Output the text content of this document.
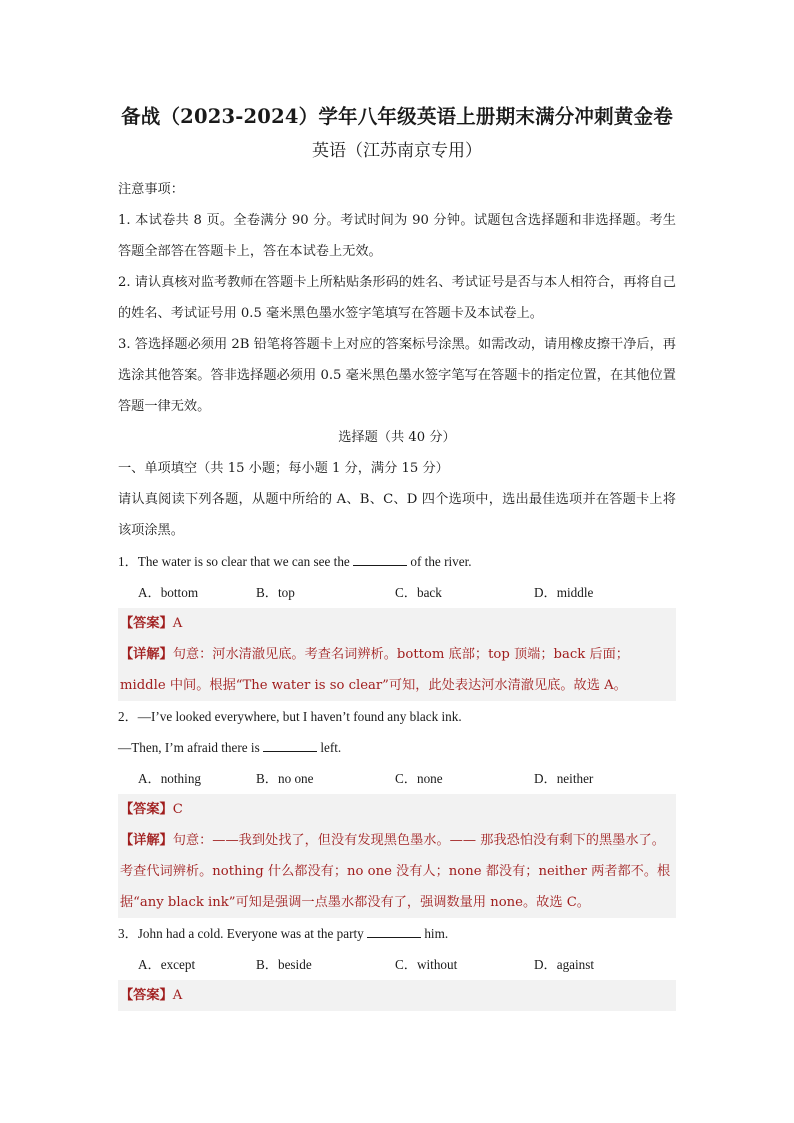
备战（2023-2024）学年八年级英语上册期末满分冲刺黄金卷
英语（江苏南京专用）

注意事项：

1. 本试卷共 8 页。全卷满分 90 分。考试时间为 90 分钟。试题包含选择题和非选择题。考生答题全部答在答题卡上，答在本试卷上无效。

2. 请认真核对监考教师在答题卡上所粘贴条形码的姓名、考试证号是否与本人相符合，再将自己的姓名、考试证号用 0.5 毫米黑色墨水签字笔填写在答题卡及本试卷上。

3. 答选择题必须用 2B 铅笔将答题卡上对应的答案标号涂黑。如需改动，请用橡皮擦干净后，再选涂其他答案。答非选择题必须用 0.5 毫米黑色墨水签字笔写在答题卡的指定位置，在其他位置答题一律无效。

选择题（共 40 分）

一、单项填空（共 15 小题；每小题 1 分，满分 15 分）

请认真阅读下列各题，从题中所给的 A、B、C、D 四个选项中，选出最佳选项并在答题卡上将该项涂黑。

1．The water is so clear that we can see the	of the river.
A．bottom	B．top	C．back	D．middle
【答案】A
【详解】句意：河水清澈见底。考查名词辨析。bottom 底部；top 顶端；back 后面；middle 中间。根据“The water is so clear”可知，此处表达河水清澈见底。故选 A。
2．—I’ve looked everywhere, but I haven’t found any black ink.
—Then, I’m afraid there is	left.
A．nothing	B．no one	C．none	D．neither
【答案】C
【详解】句意：——我到处找了，但没有发现黑色墨水。—— 那我恐怕没有剩下的黑墨水了。考查代词辨析。nothing 什么都没有；no one 没有人；none 都没有；neither 两者都不。根据“any black ink”可知是强调一点墨水都没有了，强调数量用 none。故选 C。
3．John had a cold. Everyone was at the party	him.
A．except	B．beside	C．without	D．against
【答案】A
